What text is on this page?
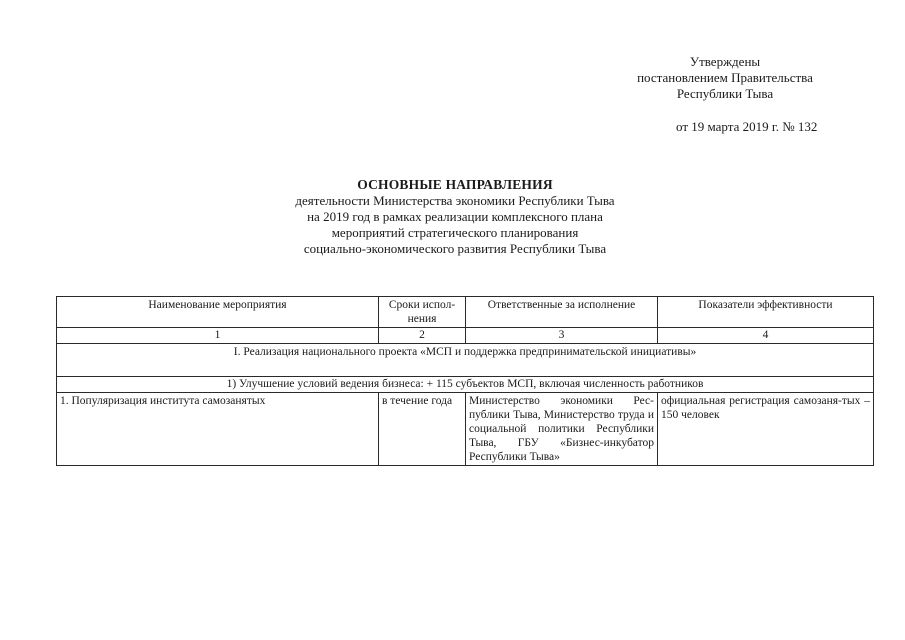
Утверждены
постановлением Правительства
Республики Тыва
от 19 марта 2019 г. № 132
ОСНОВНЫЕ НАПРАВЛЕНИЯ
деятельности Министерства экономики Республики Тыва
на 2019 год в рамках реализации комплексного плана
мероприятий стратегического планирования
социально-экономического развития Республики Тыва
Наименование мероприятия	Сроки испол-нения	Ответственные за исполнение	Показатели эффективности
1	2	3	4
I. Реализация национального проекта «МСП и поддержка предпринимательской инициативы»			
1) Улучшение условий ведения бизнеса: + 115 субъектов МСП, включая численность работников			
1. Популяризация института самозанятых	в течение года	Министерство экономики Рес-публики Тыва, Министерство труда и социальной политики Республики Тыва, ГБУ «Бизнес-инкубатор Республики Тыва»	официальная регистрация самозаня-тых – 150 человек
